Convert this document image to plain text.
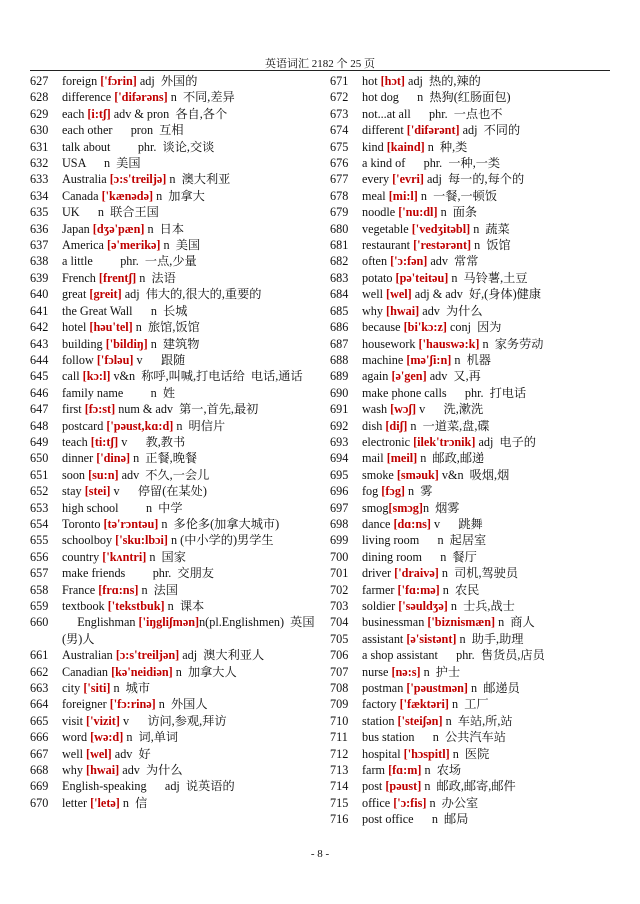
英语词汇 2182 个 25 页
627	foreign ['fɔrin] adj  外国的
628	difference ['difərəns] n  不同,差异
629	each [i:tʃ] adv & pron  各自,各个
630	each other      pron  互相
631	talk about         phr.  谈论,交谈
632	USA      n  美国
633	Australia [ɔ:s'treiljə] n  澳大利亚
634	Canada ['kænədə] n  加拿大
635	UK      n  联合王国
636	Japan [dʒə'pæn] n  日本
637	America [ə'merikə] n  美国
638	a little         phr.  一点,少量
639	French [frentʃ] n  法语
640	great [greit] adj  伟大的,很大的,重要的
641	the Great Wall      n  长城
642	hotel [həu'tel] n  旅馆,饭馆
643	building ['bildiŋ] n  建筑物
644	follow ['fɔləu] v      跟随
645	call [kɔ:l] v&n  称呼,叫喊,打电话给  电话,通话
646	family name         n  姓
647	first [fɔ:st] num & adv  第一,首先,最初
648	postcard ['pəust,kɑ:d] n  明信片
649	teach [ti:tʃ] v      教,教书
650	dinner ['dinə] n  正餐,晚餐
651	soon [su:n] adv  不久,一会儿
652	stay [stei] v      停留(在某处)
653	high school         n  中学
654	Toronto [tə'rɔntəu] n  多伦多(加拿大城市)
655	schoolboy ['sku:lbɔi] n (中小学的)男学生
656	country ['kʌntri] n  国家
657	make friends         phr.  交朋友
658	France [frɑ:ns] n  法国
659	textbook ['tekstbuk] n  课本
660	Englishman ['iŋgliʃmən]n(pl.Englishmen)  英国(男)人
661	Australian [ɔ:s'treiljən] adj  澳大利亚人
662	Canadian [kə'neidiən] n  加拿大人
663	city ['siti] n  城市
664	foreigner ['fɔ:rinə] n  外国人
665	visit ['vizit] v      访问,参观,拜访
666	word [wə:d] n  词,单词
667	well [wel] adv  好
668	why [hwai] adv  为什么
669	English-speaking      adj  说英语的
670	letter ['letə] n  信
671	hot [hɔt] adj  热的,辣的
672	hot dog      n  热狗(红肠面包)
673	not...at all      phr.  一点也不
674	different ['difərənt] adj  不同的
675	kind [kaind] n  种,类
676	a kind of      phr.  一种,一类
677	every ['evri] adj  每一的,每个的
678	meal [mi:l] n  一餐,一顿饭
679	noodle ['nu:dl] n  面条
680	vegetable ['vedʒitəbl] n  蔬菜
681	restaurant ['restərənt] n  饭馆
682	often ['ɔ:fən] adv  常常
683	potato [pə'teitəu] n  马铃薯,土豆
684	well [wel] adj & adv  好,(身体)健康
685	why [hwai] adv  为什么
686	because [bi'kɔ:z] conj  因为
687	housework ['hauswə:k] n  家务劳动
688	machine [mə'ʃi:n] n  机器
689	again [ə'gen] adv  又,再
690	make phone calls      phr.  打电话
691	wash [wɔʃ] v      洗,漱洗
692	dish [diʃ] n  一道菜,盘,碟
693	electronic [ilek'trɔnik] adj  电子的
694	mail [meil] n  邮政,邮递
695	smoke [sməuk] v&n  吸烟,烟
696	fog [fɔg] n  雾
697	smog[smɔg]n  烟雾
698	dance [dɑ:ns] v      跳舞
699	living room      n  起居室
700	dining room      n  餐厅
701	driver ['draivə] n  司机,驾驶员
702	farmer ['fɑ:mə] n  农民
703	soldier ['səuldʒə] n  士兵,战士
704	businessman ['biznismæn] n  商人
705	assistant [ə'sistənt] n  助手,助理
706	a shop assistant      phr.  售货员,店员
707	nurse [nə:s] n  护士
708	postman ['pəustmən] n  邮递员
709	factory ['fæktəri] n  工厂
710	station ['steiʃən] n  车站,所,站
711	bus station      n  公共汽车站
712	hospital ['hɔspitl] n  医院
713	farm [fɑ:m] n  农场
714	post [pəust] n  邮政,邮寄,邮件
715	office ['ɔ:fis] n  办公室
716	post office      n  邮局
- 8 -
